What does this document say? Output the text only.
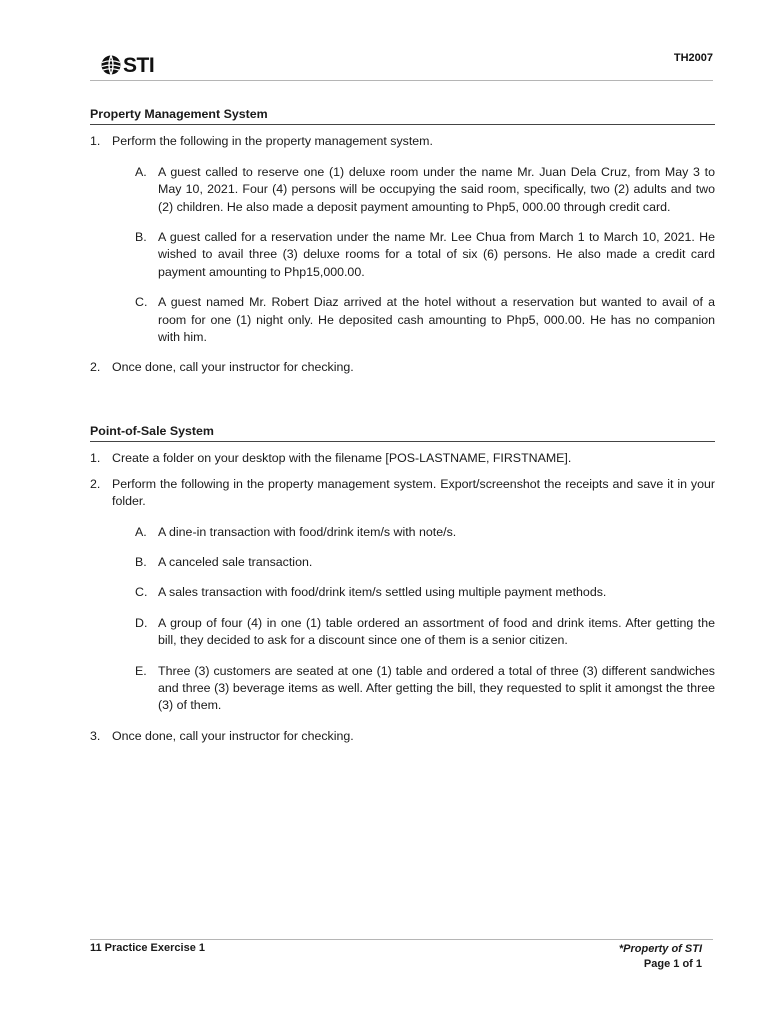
STI	TH2007
Property Management System
1. Perform the following in the property management system.
A. A guest called to reserve one (1) deluxe room under the name Mr. Juan Dela Cruz, from May 3 to May 10, 2021. Four (4) persons will be occupying the said room, specifically, two (2) adults and two (2) children. He also made a deposit payment amounting to Php5, 000.00 through credit card.
B. A guest called for a reservation under the name Mr. Lee Chua from March 1 to March 10, 2021. He wished to avail three (3) deluxe rooms for a total of six (6) persons. He also made a credit card payment amounting to Php15,000.00.
C. A guest named Mr. Robert Diaz arrived at the hotel without a reservation but wanted to avail of a room for one (1) night only. He deposited cash amounting to Php5, 000.00. He has no companion with him.
2. Once done, call your instructor for checking.
Point-of-Sale System
1. Create a folder on your desktop with the filename [POS-LASTNAME, FIRSTNAME].
2. Perform the following in the property management system. Export/screenshot the receipts and save it in your folder.
A. A dine-in transaction with food/drink item/s with note/s.
B. A canceled sale transaction.
C. A sales transaction with food/drink item/s settled using multiple payment methods.
D. A group of four (4) in one (1) table ordered an assortment of food and drink items. After getting the bill, they decided to ask for a discount since one of them is a senior citizen.
E. Three (3) customers are seated at one (1) table and ordered a total of three (3) different sandwiches and three (3) beverage items as well. After getting the bill, they requested to split it amongst the three (3) of them.
3. Once done, call your instructor for checking.
11 Practice Exercise 1	*Property of STI
Page 1 of 1
